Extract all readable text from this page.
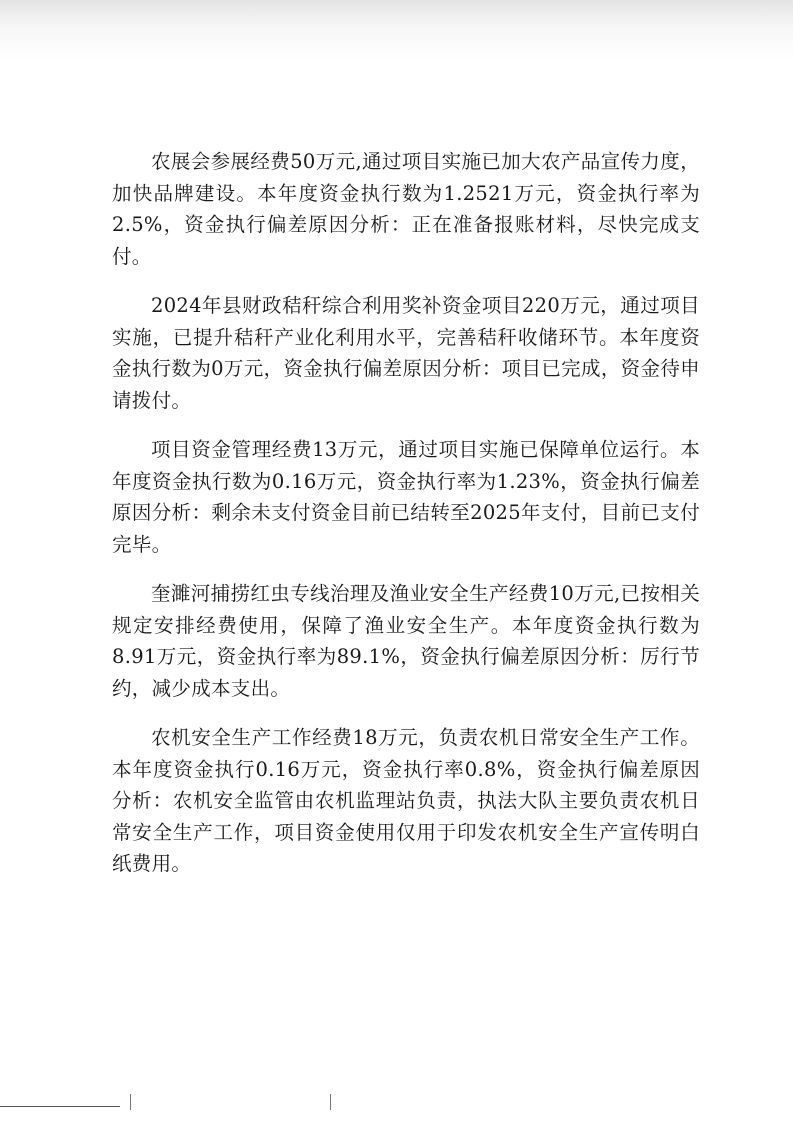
农展会参展经费50万元,通过项目实施已加大农产品宣传力度，加快品牌建设。本年度资金执行数为1.2521万元，资金执行率为2.5%，资金执行偏差原因分析：正在准备报账材料，尽快完成支付。

2024年县财政秸秆综合利用奖补资金项目220万元，通过项目实施，已提升秸秆产业化利用水平，完善秸秆收储环节。本年度资金执行数为0万元，资金执行偏差原因分析：项目已完成，资金待申请拨付。

项目资金管理经费13万元，通过项目实施已保障单位运行。本年度资金执行数为0.16万元，资金执行率为1.23%，资金执行偏差原因分析：剩余未支付资金目前已结转至2025年支付，目前已支付完毕。

奎濉河捕捞红虫专线治理及渔业安全生产经费10万元,已按相关规定安排经费使用，保障了渔业安全生产。本年度资金执行数为8.91万元，资金执行率为89.1%，资金执行偏差原因分析：厉行节约，减少成本支出。

农机安全生产工作经费18万元，负责农机日常安全生产工作。本年度资金执行0.16万元，资金执行率0.8%，资金执行偏差原因分析：农机安全监管由农机监理站负责，执法大队主要负责农机日常安全生产工作，项目资金使用仅用于印发农机安全生产宣传明白纸费用。
